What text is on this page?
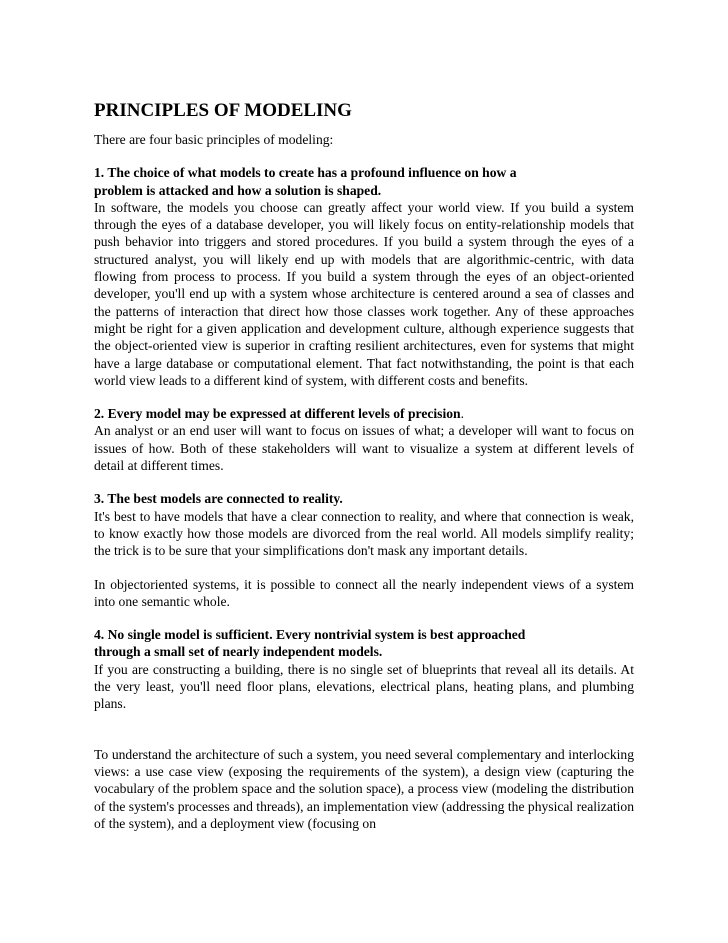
PRINCIPLES OF MODELING

There are four basic principles of modeling:

1. The choice of what models to create has a profound influence on how a
problem is attacked and how a solution is shaped.

In software, the models you choose can greatly affect your world view. If you build a system through the eyes of a database developer, you will likely focus on entity-relationship models that push behavior into triggers and stored procedures. If you build a system through the eyes of a structured analyst, you will likely end up with models that are algorithmic-centric, with data flowing from process to process. If you build a system through the eyes of an object-oriented developer, you'll end up with a system whose architecture is centered around a sea of classes and the patterns of interaction that direct how those classes work together. Any of these approaches might be right for a given application and development culture, although experience suggests that the object-oriented view is superior in crafting resilient architectures, even for systems that might have a large database or computational element. That fact notwithstanding, the point is that each world view leads to a different kind of system, with different costs and benefits.

2. Every model may be expressed at different levels of precision.

An analyst or an end user will want to focus on issues of what; a developer will want to focus on issues of how. Both of these stakeholders will want to visualize a system at different levels of detail at different times.

3. The best models are connected to reality.

It's best to have models that have a clear connection to reality, and where that connection is weak, to know exactly how those models are divorced from the real world. All models simplify reality; the trick is to be sure that your simplifications don't mask any important details.

In objectoriented systems, it is possible to connect all the nearly independent views of a system into one semantic whole.

4. No single model is sufficient. Every nontrivial system is best approached
through a small set of nearly independent models.

If you are constructing a building, there is no single set of blueprints that reveal all its details. At the very least, you'll need floor plans, elevations, electrical plans, heating plans, and plumbing plans.

To understand the architecture of such a system, you need several complementary and interlocking views: a use case view (exposing the requirements of the system), a design view (capturing the vocabulary of the problem space and the solution space), a process view (modeling the distribution of the system's processes and threads), an implementation view (addressing the physical realization of the system), and a deployment view (focusing on
